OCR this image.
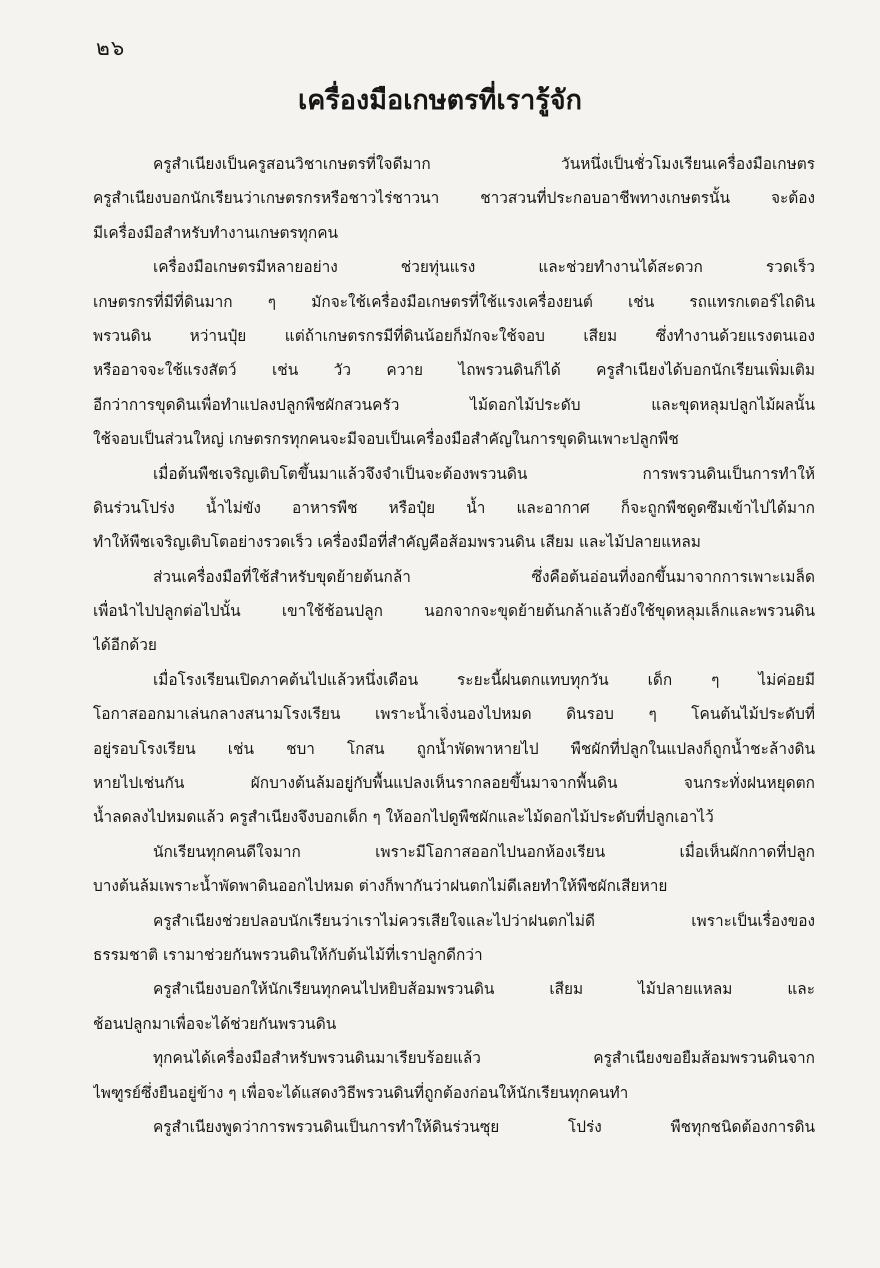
๒๖
เครื่องมือเกษตรที่เรารู้จัก
ครูสำเนียงเป็นครูสอนวิชาเกษตรที่ใจดีมาก วันหนึ่งเป็นชั่วโมงเรียนเครื่องมือเกษตร
ครูสำเนียงบอกนักเรียนว่าเกษตรกรหรือชาวไร่ชาวนา ชาวสวนที่ประกอบอาชีพทางเกษตรนั้น จะต้อง
มีเครื่องมือสำหรับทำงานเกษตรทุกคน
เครื่องมือเกษตรมีหลายอย่าง ช่วยทุ่นแรง และช่วยทำงานได้สะดวก รวดเร็ว
เกษตรกรที่มีที่ดินมาก ๆ มักจะใช้เครื่องมือเกษตรที่ใช้แรงเครื่องยนต์ เช่น รถแทรกเตอร์ไถดิน
พรวนดิน หว่านปุ๋ย แต่ถ้าเกษตรกรมีที่ดินน้อยก็มักจะใช้จอบ เสียม ซึ่งทำงานด้วยแรงตนเอง
หรืออาจจะใช้แรงสัตว์ เช่น วัว ควาย ไถพรวนดินก็ได้ ครูสำเนียงได้บอกนักเรียนเพิ่มเติม
อีกว่าการขุดดินเพื่อทำแปลงปลูกพืชผักสวนครัว ไม้ดอกไม้ประดับ และขุดหลุมปลูกไม้ผลนั้น
ใช้จอบเป็นส่วนใหญ่ เกษตรกรทุกคนจะมีจอบเป็นเครื่องมือสำคัญในการขุดดินเพาะปลูกพืช
เมื่อต้นพืชเจริญเติบโตขึ้นมาแล้วจึงจำเป็นจะต้องพรวนดิน การพรวนดินเป็นการทำให้
ดินร่วนโปร่ง น้ำไม่ขัง อาหารพืช หรือปุ๋ย น้ำ และอากาศ ก็จะถูกพืชดูดซึมเข้าไปได้มาก
ทำให้พืชเจริญเติบโตอย่างรวดเร็ว เครื่องมือที่สำคัญคือส้อมพรวนดิน เสียม และไม้ปลายแหลม
ส่วนเครื่องมือที่ใช้สำหรับขุดย้ายต้นกล้า ซึ่งคือต้นอ่อนที่งอกขึ้นมาจากการเพาะเมล็ด
เพื่อนำไปปลูกต่อไปนั้น เขาใช้ช้อนปลูก นอกจากจะขุดย้ายต้นกล้าแล้วยังใช้ขุดหลุมเล็กและพรวนดิน
ได้อีกด้วย
เมื่อโรงเรียนเปิดภาคต้นไปแล้วหนึ่งเดือน ระยะนี้ฝนตกแทบทุกวัน เด็ก ๆ ไม่ค่อยมี
โอกาสออกมาเล่นกลางสนามโรงเรียน เพราะน้ำเจิ่งนองไปหมด ดินรอบ ๆ โคนต้นไม้ประดับที่
อยู่รอบโรงเรียน เช่น ชบา โกสน ถูกน้ำพัดพาหายไป พืชผักที่ปลูกในแปลงก็ถูกน้ำชะล้างดิน
หายไปเช่นกัน ผักบางต้นล้มอยู่กับพื้นแปลงเห็นรากลอยขึ้นมาจากพื้นดิน จนกระทั่งฝนหยุดตก
น้ำลดลงไปหมดแล้ว ครูสำเนียงจึงบอกเด็ก ๆ ให้ออกไปดูพืชผักและไม้ดอกไม้ประดับที่ปลูกเอาไว้
นักเรียนทุกคนดีใจมาก เพราะมีโอกาสออกไปนอกห้องเรียน เมื่อเห็นผักกาดที่ปลูก
บางต้นล้มเพราะน้ำพัดพาดินออกไปหมด ต่างก็พากันว่าฝนตกไม่ดีเลยทำให้พืชผักเสียหาย
ครูสำเนียงช่วยปลอบนักเรียนว่าเราไม่ควรเสียใจและไปว่าฝนตกไม่ดี เพราะเป็นเรื่องของ
ธรรมชาติ เรามาช่วยกันพรวนดินให้กับต้นไม้ที่เราปลูกดีกว่า
ครูสำเนียงบอกให้นักเรียนทุกคนไปหยิบส้อมพรวนดิน เสียม ไม้ปลายแหลม และ
ช้อนปลูกมาเพื่อจะได้ช่วยกันพรวนดิน
ทุกคนได้เครื่องมือสำหรับพรวนดินมาเรียบร้อยแล้ว ครูสำเนียงขอยืมส้อมพรวนดินจาก
ไพฑูรย์ซึ่งยืนอยู่ข้าง ๆ เพื่อจะได้แสดงวิธีพรวนดินที่ถูกต้องก่อนให้นักเรียนทุกคนทำ
ครูสำเนียงพูดว่าการพรวนดินเป็นการทำให้ดินร่วนซุย โปร่ง พืชทุกชนิดต้องการดิน
